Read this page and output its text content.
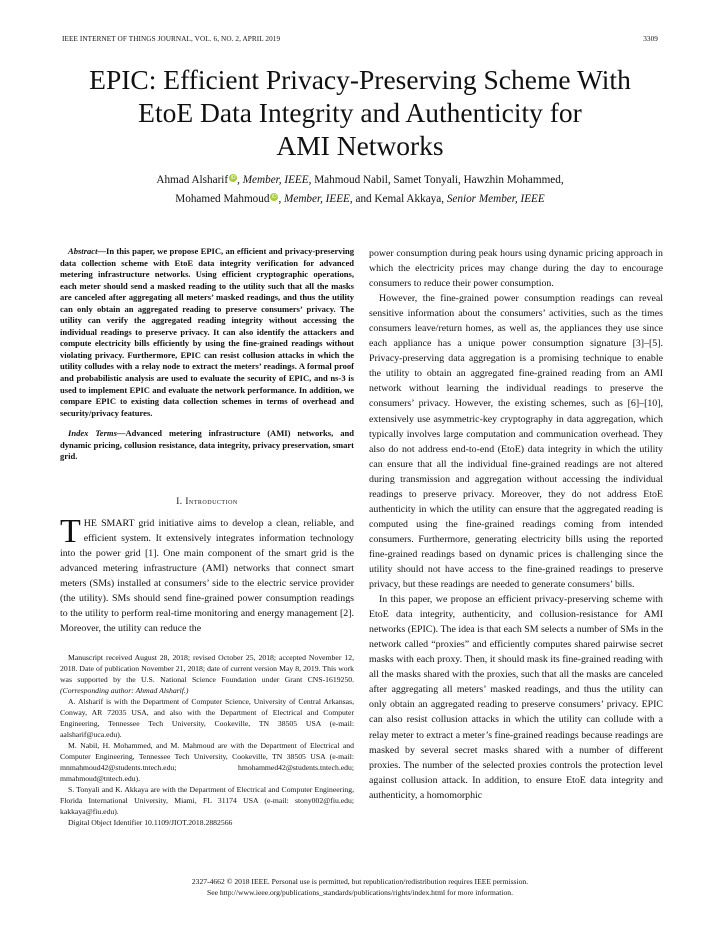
IEEE INTERNET OF THINGS JOURNAL, VOL. 6, NO. 2, APRIL 2019	3309
EPIC: Efficient Privacy-Preserving Scheme With
EtoE Data Integrity and Authenticity for
AMI Networks
Ahmad Alsharif iD , Member, IEEE, Mahmoud Nabil, Samet Tonyali, Hawzhin Mohammed,
Mohamed Mahmoud iD , Member, IEEE, and Kemal Akkaya, Senior Member, IEEE

Abstract—In this paper, we propose EPIC, an efficient and privacy-preserving data collection scheme with EtoE data integrity verification for advanced metering infrastructure networks. Using efficient cryptographic operations, each meter should send a masked reading to the utility such that all the masks are canceled after aggregating all meters’ masked readings, and thus the utility can only obtain an aggregated reading to preserve consumers’ privacy. The utility can verify the aggregated reading integrity without accessing the individual readings to preserve privacy. It can also identify the attackers and compute electricity bills efficiently by using the fine-grained readings without violating privacy. Furthermore, EPIC can resist collusion attacks in which the utility colludes with a relay node to extract the meters’ readings. A formal proof and probabilistic analysis are used to evaluate the security of EPIC, and ns-3 is used to implement EPIC and evaluate the network performance. In addition, we compare EPIC to existing data collection schemes in terms of overhead and security/privacy features.

Index Terms—Advanced metering infrastructure (AMI) networks, and dynamic pricing, collusion resistance, data integrity, privacy preservation, smart grid.

I. Introduction

THE SMART grid initiative aims to develop a clean, reliable, and efficient system. It extensively integrates information technology into the power grid [1]. One main component of the smart grid is the advanced metering infrastructure (AMI) networks that connect smart meters (SMs) installed at consumers’ side to the electric service provider (the utility). SMs should send fine-grained power consumption readings to the utility to perform real-time monitoring and energy management [2]. Moreover, the utility can reduce the

Manuscript received August 28, 2018; revised October 25, 2018; accepted November 12, 2018. Date of publication November 21, 2018; date of current version May 8, 2019. This work was supported by the U.S. National Science Foundation under Grant CNS-1619250. (Corresponding author: Ahmad Alsharif.)

A. Alsharif is with the Department of Computer Science, University of Central Arkansas, Conway, AR 72035 USA, and also with the Department of Electrical and Computer Engineering, Tennessee Tech University, Cookeville, TN 38505 USA (e-mail: aalsharif@uca.edu).

M. Nabil, H. Mohammed, and M. Mahmoud are with the Department of Electrical and Computer Engineering, Tennessee Tech University, Cookeville, TN 38505 USA (e-mail: mnmahmoud42@students.tntech.edu; hmohammed42@students.tntech.edu; mmahmoud@tntech.edu).

S. Tonyali and K. Akkaya are with the Department of Electrical and Computer Engineering, Florida International University, Miami, FL 31174 USA (e-mail: stony002@fiu.edu; kakkaya@fiu.edu).

Digital Object Identifier 10.1109/JIOT.2018.2882566

power consumption during peak hours using dynamic pricing approach in which the electricity prices may change during the day to encourage consumers to reduce their power consumption.

However, the fine-grained power consumption readings can reveal sensitive information about the consumers’ activities, such as the times consumers leave/return homes, as well as, the appliances they use since each appliance has a unique power consumption signature [3]–[5]. Privacy-preserving data aggregation is a promising technique to enable the utility to obtain an aggregated fine-grained reading from an AMI network without learning the individual readings to preserve the consumers’ privacy. However, the existing schemes, such as [6]–[10], extensively use asymmetric-key cryptography in data aggregation, which typically involves large computation and communication overhead. They also do not address end-to-end (EtoE) data integrity in which the utility can ensure that all the individual fine-grained readings are not altered during transmission and aggregation without accessing the individual readings to preserve privacy. Moreover, they do not address EtoE authenticity in which the utility can ensure that the aggregated reading is computed using the fine-grained readings coming from intended consumers. Furthermore, generating electricity bills using the reported fine-grained readings based on dynamic prices is challenging since the utility should not have access to the fine-grained readings to preserve privacy, but these readings are needed to generate consumers’ bills.

In this paper, we propose an efficient privacy-preserving scheme with EtoE data integrity, authenticity, and collusion-resistance for AMI networks (EPIC). The idea is that each SM selects a number of SMs in the network called “proxies” and efficiently computes shared pairwise secret masks with each proxy. Then, it should mask its fine-grained reading with all the masks shared with the proxies, such that all the masks are canceled after aggregating all meters’ masked readings, and thus the utility can only obtain an aggregated reading to preserve consumers’ privacy. EPIC can also resist collusion attacks in which the utility can collude with a relay meter to extract a meter’s fine-grained readings because readings are masked by several secret masks shared with a number of different proxies. The number of the selected proxies controls the protection level against collusion attack. In addition, to ensure EtoE data integrity and authenticity, a homomorphic

2327-4662 © 2018 IEEE. Personal use is permitted, but republication/redistribution requires IEEE permission.
See http://www.ieee.org/publications_standards/publications/rights/index.html for more information.
